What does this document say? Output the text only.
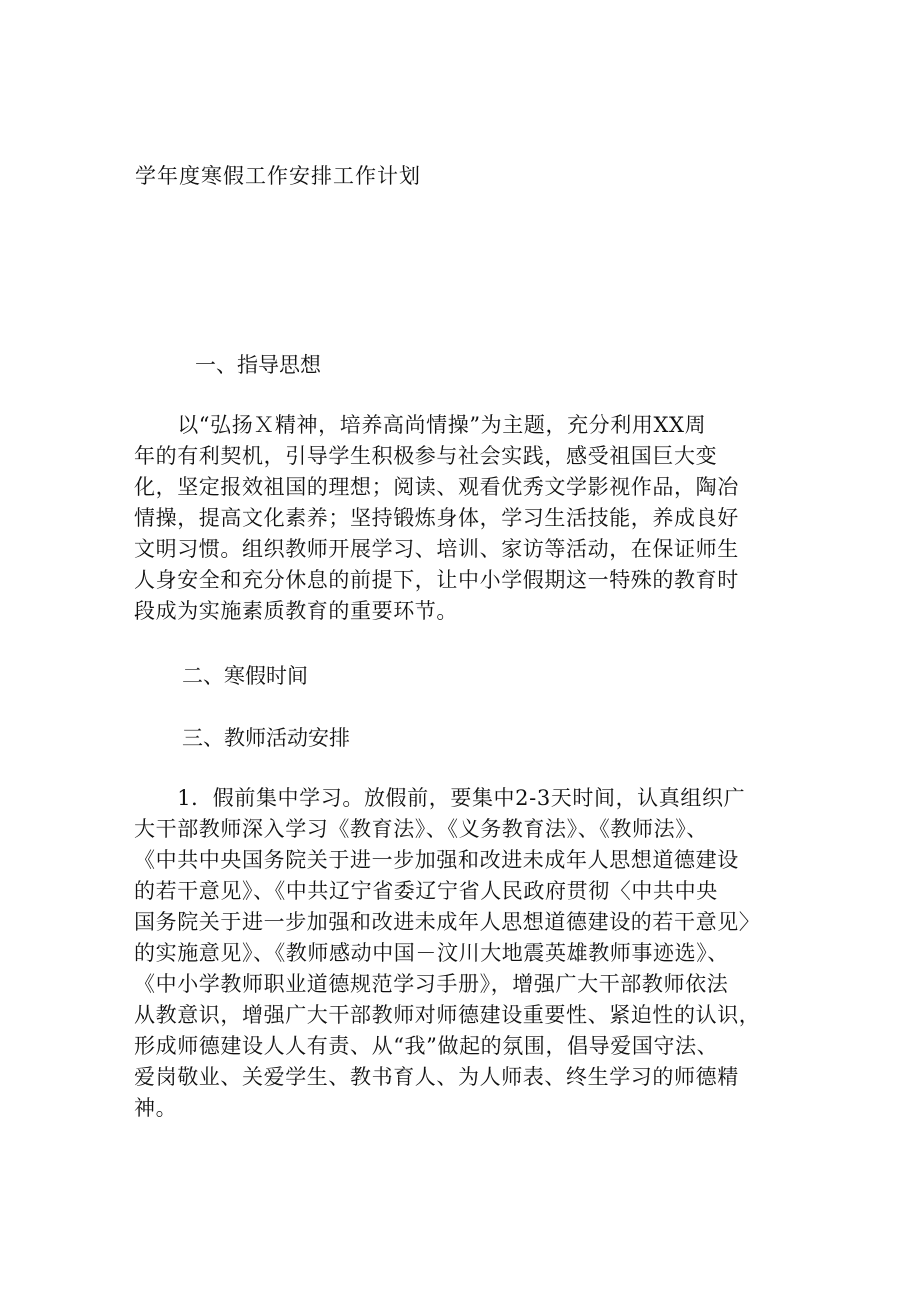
学年度寒假工作安排工作计划
一、指导思想

　　以“弘扬Ｘ精神，培养高尚情操”为主题，充分利用XX周
年的有利契机，引导学生积极参与社会实践，感受祖国巨大变
化，坚定报效祖国的理想；阅读、观看优秀文学影视作品，陶冶
情操，提高文化素养；坚持锻炼身体，学习生活技能，养成良好
文明习惯。组织教师开展学习、培训、家访等活动，在保证师生
人身安全和充分休息的前提下，让中小学假期这一特殊的教育时
段成为实施素质教育的重要环节。

二、寒假时间
三、教师活动安排

　　1．假前集中学习。放假前，要集中2-3天时间，认真组织广
大干部教师深入学习《教育法》、《义务教育法》、《教师法》、
《中共中央国务院关于进一步加强和改进未成年人思想道德建设
的若干意见》、《中共辽宁省委辽宁省人民政府贯彻〈中共中央
国务院关于进一步加强和改进未成年人思想道德建设的若干意见〉
的实施意见》、《教师感动中国－汶川大地震英雄教师事迹选》、
《中小学教师职业道德规范学习手册》，增强广大干部教师依法
从教意识，增强广大干部教师对师德建设重要性、紧迫性的认识，
形成师德建设人人有责、从“我”做起的氛围，倡导爱国守法、
爱岗敬业、关爱学生、教书育人、为人师表、终生学习的师德精
神。
